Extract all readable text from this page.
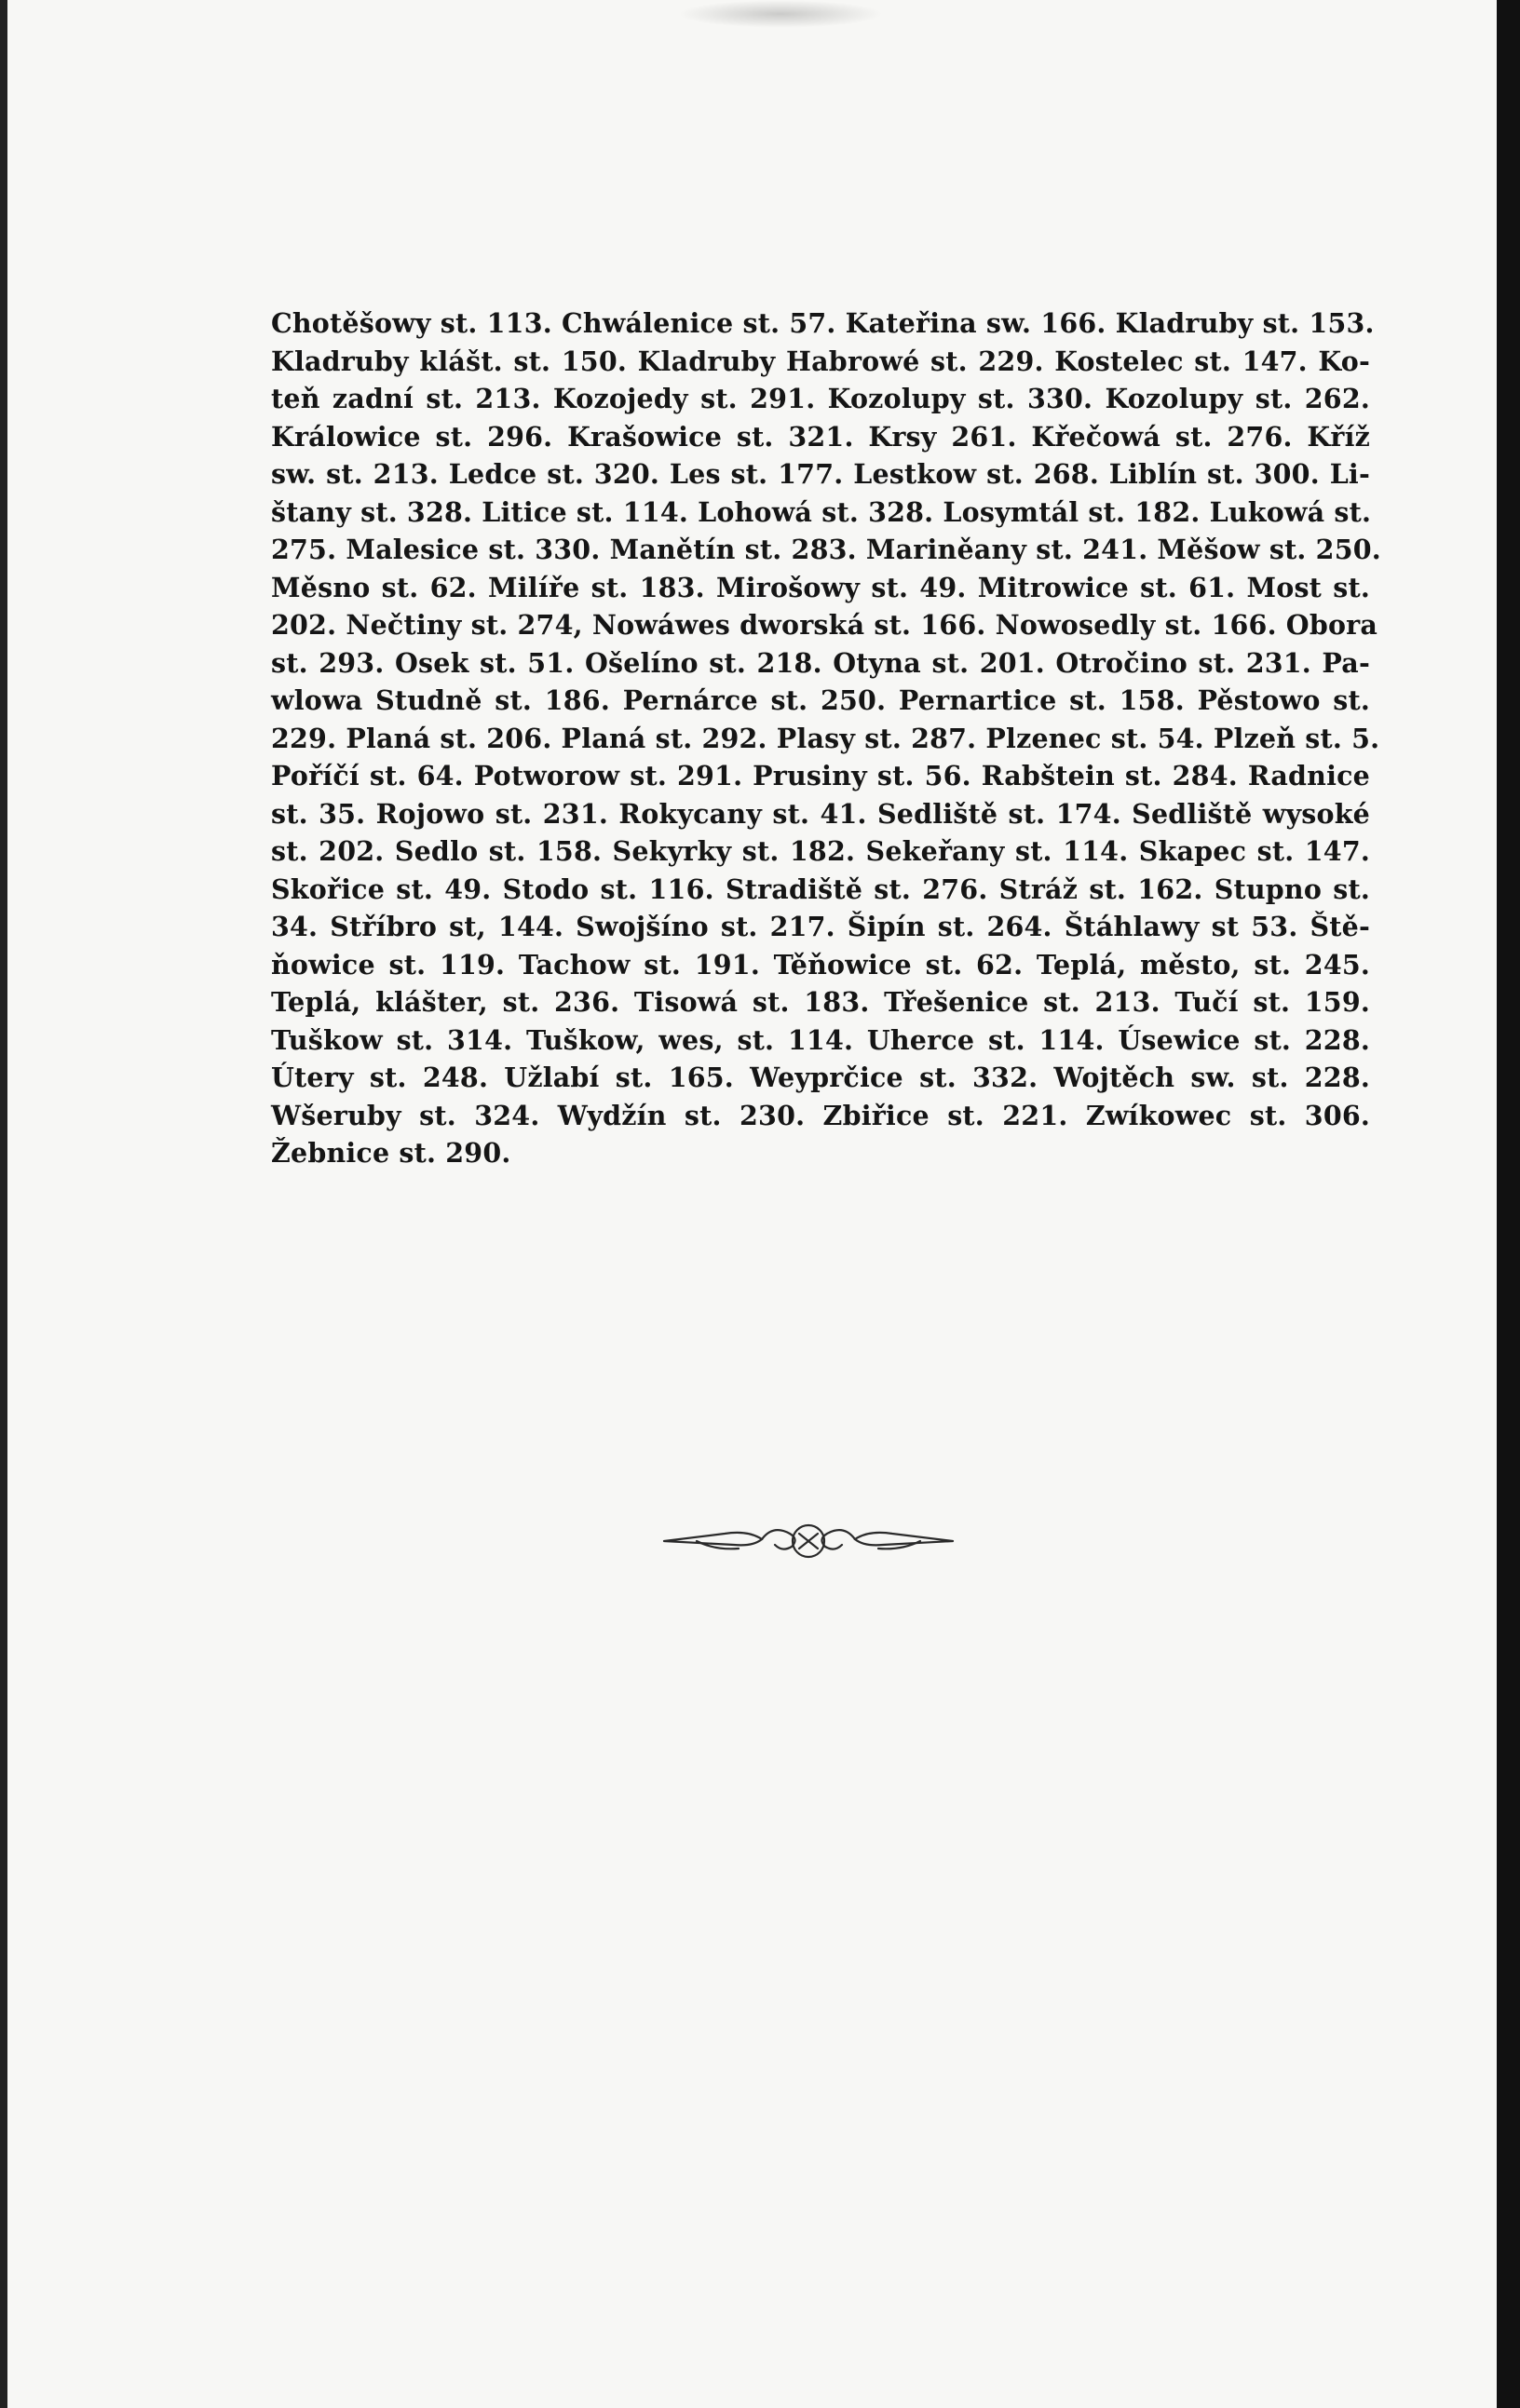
Chotěšowy st. 113. Chwálenice st. 57. Kateřina sw. 166. Kladruby st. 153.
Kladruby klášt. st. 150. Kladruby Habrowé st. 229. Kostelec st. 147. Ko-
teň zadní st. 213. Kozojedy st. 291. Kozolupy st. 330. Kozolupy st. 262.
Králowice st. 296. Krašowice st. 321. Krsy 261. Křečowá st. 276. Kříž
sw. st. 213. Ledce st. 320. Les st. 177. Lestkow st. 268. Liblín st. 300. Li-
štany st. 328. Litice st. 114. Lohowá st. 328. Losymtál st. 182. Lukowá st.
275. Malesice st. 330. Manětín st. 283. Mariněany st. 241. Měšow st. 250.
Měsno st. 62. Milíře st. 183. Mirošowy st. 49. Mitrowice st. 61. Most st.
202. Nečtiny st. 274, Nowáwes dworská st. 166. Nowosedly st. 166. Obora
st. 293. Osek st. 51. Ošelíno st. 218. Otyna st. 201. Otročino st. 231. Pa-
wlowa Studně st. 186. Pernárce st. 250. Pernartice st. 158. Pěstowo st.
229. Planá st. 206. Planá st. 292. Plasy st. 287. Plzenec st. 54. Plzeň st. 5.
Poříčí st. 64. Potworow st. 291. Prusiny st. 56. Rabštein st. 284. Radnice
st. 35. Rojowo st. 231. Rokycany st. 41. Sedliště st. 174. Sedliště wysoké
st. 202. Sedlo st. 158. Sekyrky st. 182. Sekeřany st. 114. Skapec st. 147.
Skořice st. 49. Stodo st. 116. Stradiště st. 276. Stráž st. 162. Stupno st.
34. Stříbro st, 144. Swojšíno st. 217. Šipín st. 264. Štáhlawy st 53. Ště-
ňowice st. 119. Tachow st. 191. Těňowice st. 62. Teplá, město, st. 245.
Teplá, klášter, st. 236. Tisowá st. 183. Třešenice st. 213. Tučí st. 159.
Tuškow st. 314. Tuškow, wes, st. 114. Uherce st. 114. Úsewice st. 228.
Útery st. 248. Užlabí st. 165. Weyprčice st. 332. Wojtěch sw. st. 228.
Wšeruby st. 324. Wydžín st. 230. Zbiřice st. 221. Zwíkowec st. 306.
Žebnice st. 290.
